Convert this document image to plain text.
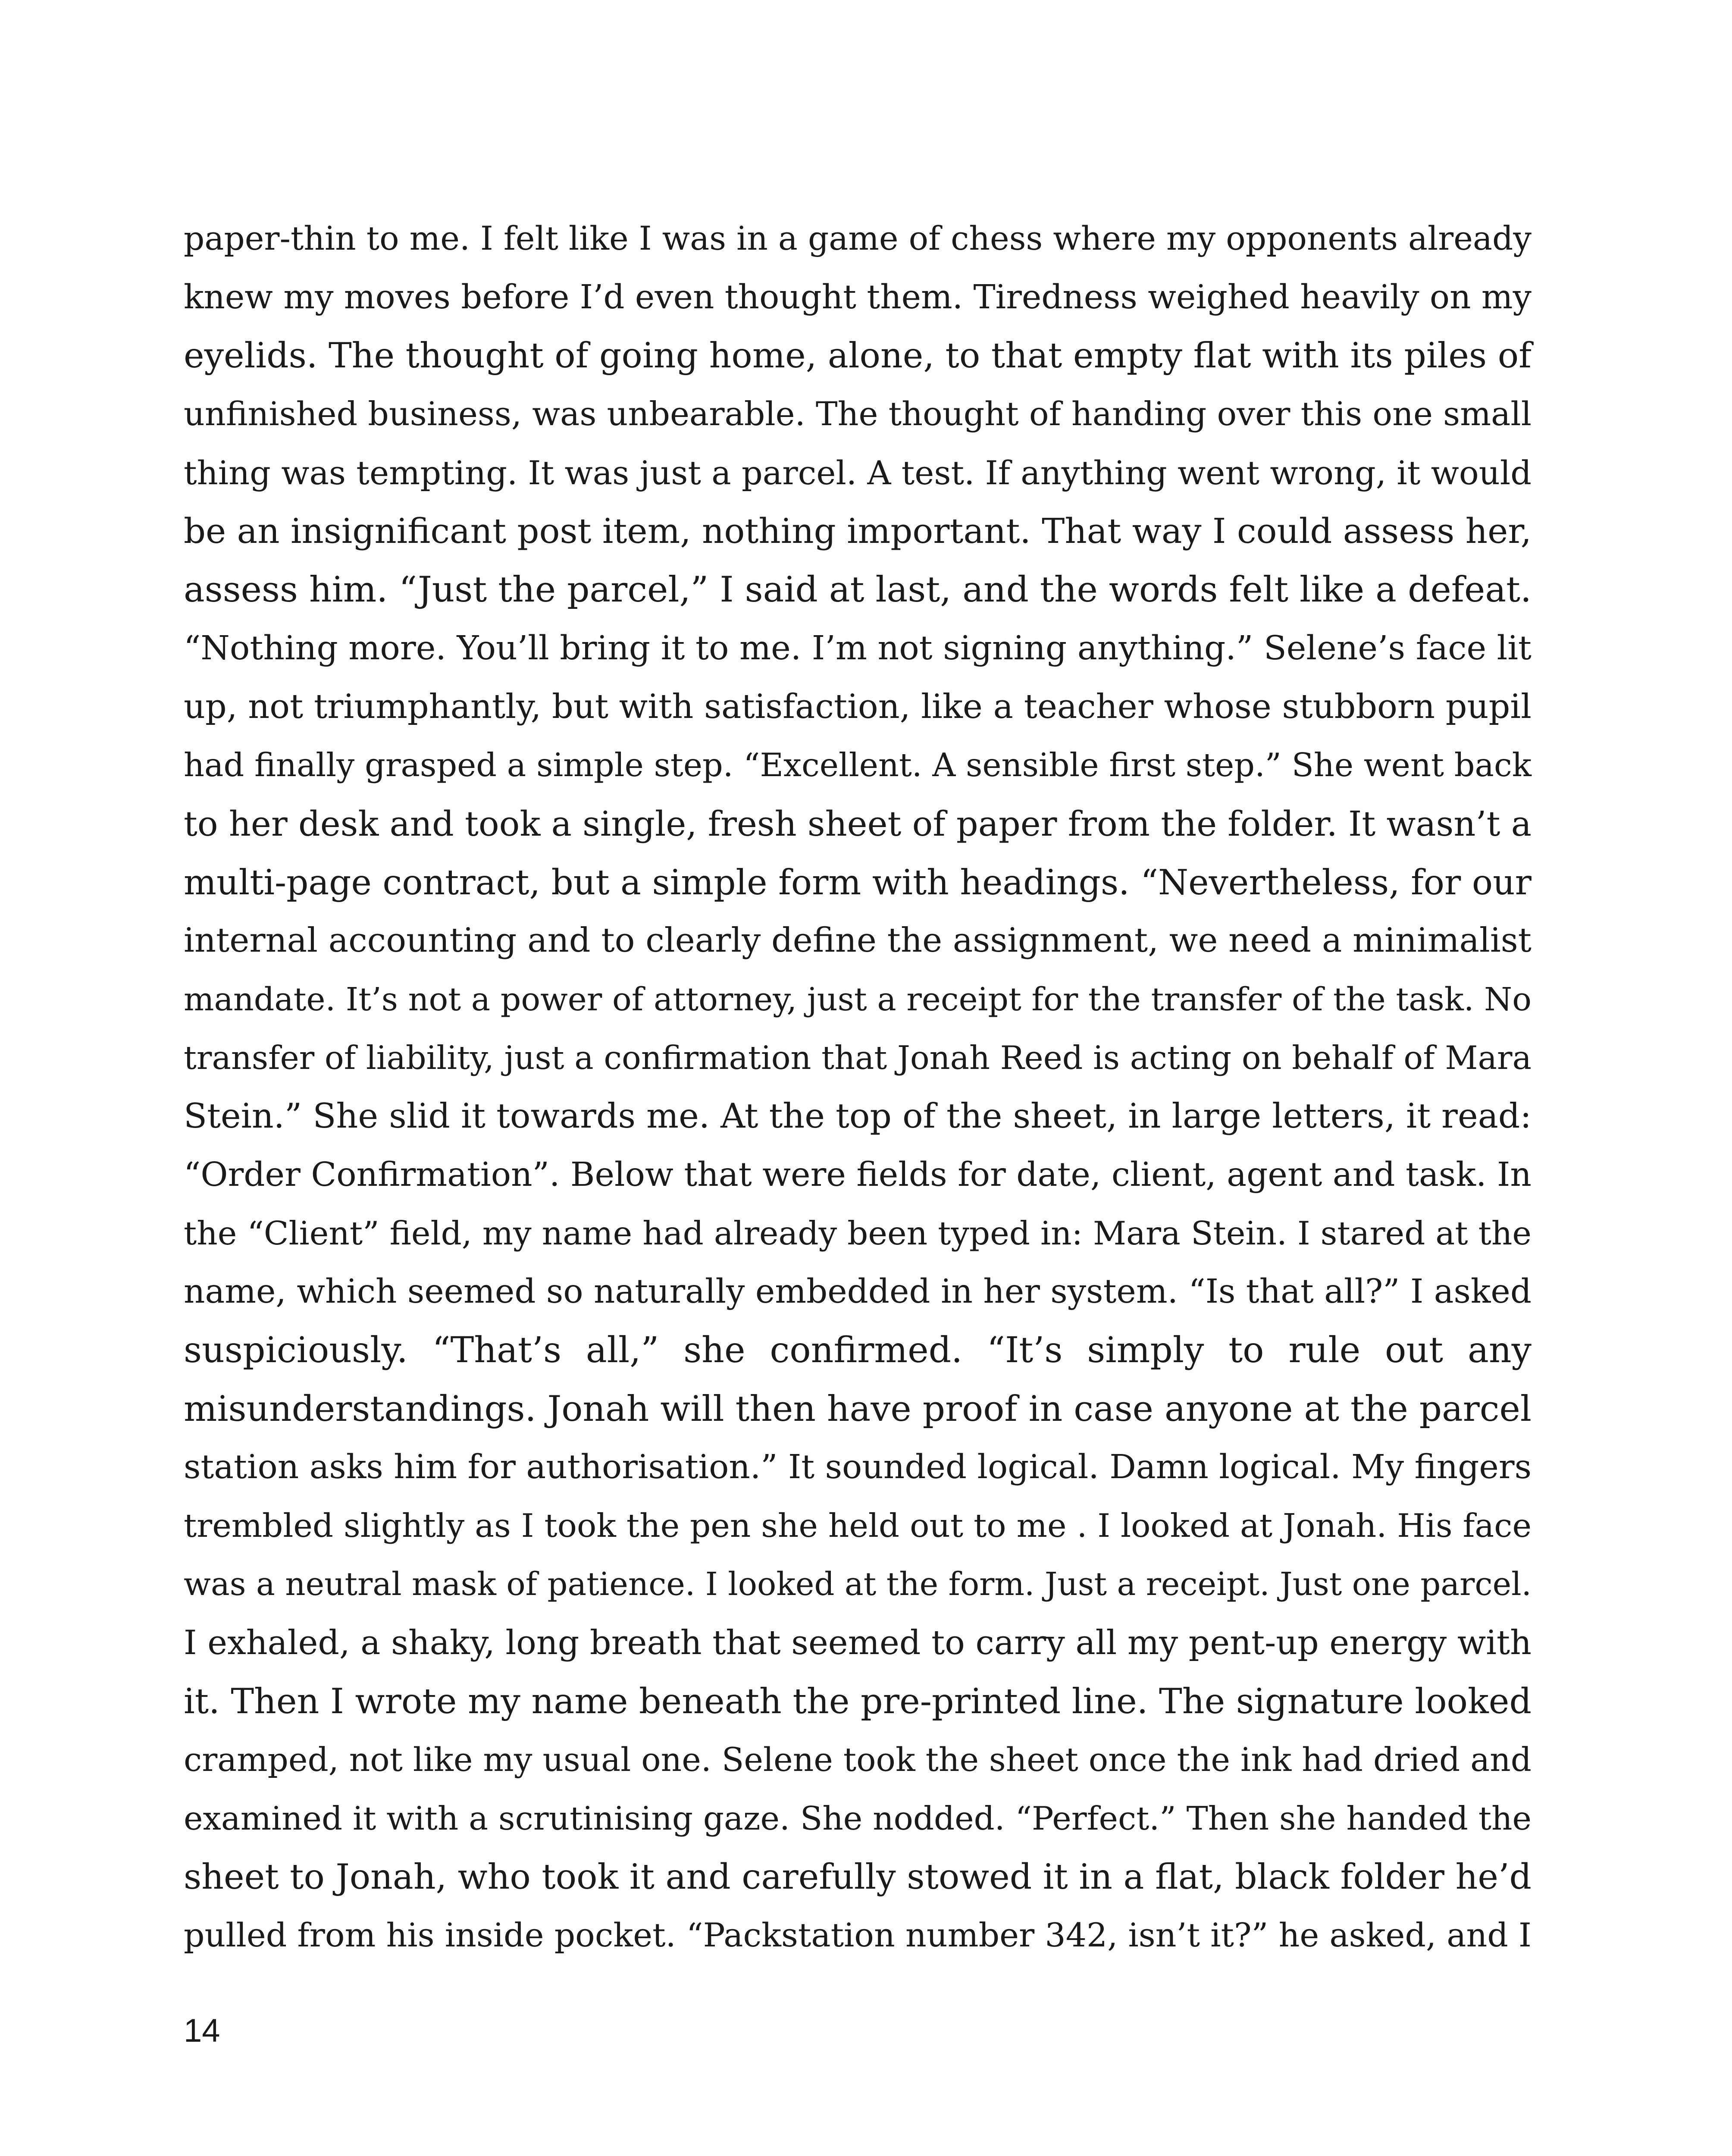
paper-thin to me. I felt like I was in a game of chess where my opponents already
knew my moves before I’d even thought them. Tiredness weighed heavily on my
eyelids. The thought of going home, alone, to that empty flat with its piles of
unfinished business, was unbearable. The thought of handing over this one small
thing was tempting. It was just a parcel. A test. If anything went wrong, it would
be an insignificant post item, nothing important. That way I could assess her,
assess him. “Just the parcel,” I said at last, and the words felt like a defeat.
“Nothing more. You’ll bring it to me. I’m not signing anything.” Selene’s face lit
up, not triumphantly, but with satisfaction, like a teacher whose stubborn pupil
had finally grasped a simple step. “Excellent. A sensible first step.” She went back
to her desk and took a single, fresh sheet of paper from the folder. It wasn’t a
multi-page contract, but a simple form with headings. “Nevertheless, for our
internal accounting and to clearly define the assignment, we need a minimalist
mandate. It’s not a power of attorney, just a receipt for the transfer of the task. No
transfer of liability, just a confirmation that Jonah Reed is acting on behalf of Mara
Stein.” She slid it towards me. At the top of the sheet, in large letters, it read:
“Order Confirmation”. Below that were fields for date, client, agent and task. In
the “Client” field, my name had already been typed in: Mara Stein. I stared at the
name, which seemed so naturally embedded in her system. “Is that all?” I asked
suspiciously. “That’s all,” she confirmed. “It’s simply to rule out any
misunderstandings. Jonah will then have proof in case anyone at the parcel
station asks him for authorisation.” It sounded logical. Damn logical. My fingers
trembled slightly as I took the pen she held out to me . I looked at Jonah. His face
was a neutral mask of patience. I looked at the form. Just a receipt. Just one parcel.
I exhaled, a shaky, long breath that seemed to carry all my pent-up energy with
it. Then I wrote my name beneath the pre-printed line. The signature looked
cramped, not like my usual one. Selene took the sheet once the ink had dried and
examined it with a scrutinising gaze. She nodded. “Perfect.” Then she handed the
sheet to Jonah, who took it and carefully stowed it in a flat, black folder he’d
pulled from his inside pocket. “Packstation number 342, isn’t it?” he asked, and I
14
